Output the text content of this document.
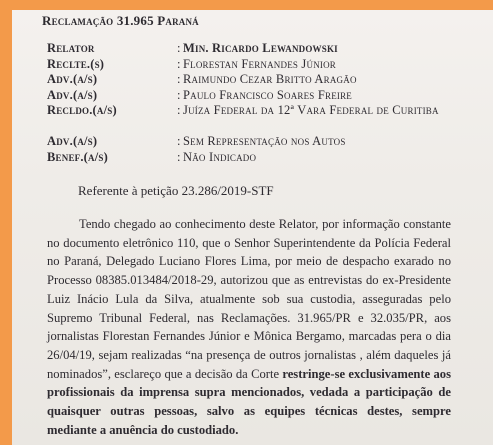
Reclamação 31.965 Paraná
Relator	: Min. Ricardo Lewandowski
Reclte.(s)	: Florestan Fernandes Júnior
Adv.(a/s)	: Raimundo Cezar Britto Aragão
Adv.(a/s)	: Paulo Francisco Soares Freire
Recldo.(a/s)	: Juíza Federal da 12ª Vara Federal de Curitiba
Adv.(a/s)	: Sem Representação nos Autos
Benef.(a/s)	: Não Indicado
Referente à petição 23.286/2019-STF

Tendo chegado ao conhecimento deste Relator, por informação constante no documento eletrônico 110, que o Senhor Superintendente da Polícia Federal no Paraná, Delegado Luciano Flores Lima, por meio de despacho exarado no Processo 08385.013484/2018-29, autorizou que as entrevistas do ex-Presidente Luiz Inácio Lula da Silva, atualmente sob sua custodia, asseguradas pelo Supremo Tribunal Federal, nas Reclamações. 31.965/PR e 32.035/PR, aos jornalistas Florestan Fernandes Júnior e Mônica Bergamo, marcadas pera o dia 26/04/19, sejam realizadas “na presença de outros jornalistas , além daqueles já nominados”, esclareço que a decisão da Corte restringe-se exclusivamente aos profissionais da imprensa supra mencionados, vedada a participação de quaisquer outras pessoas, salvo as equipes técnicas destes, sempre mediante a anuência do custodiado.
